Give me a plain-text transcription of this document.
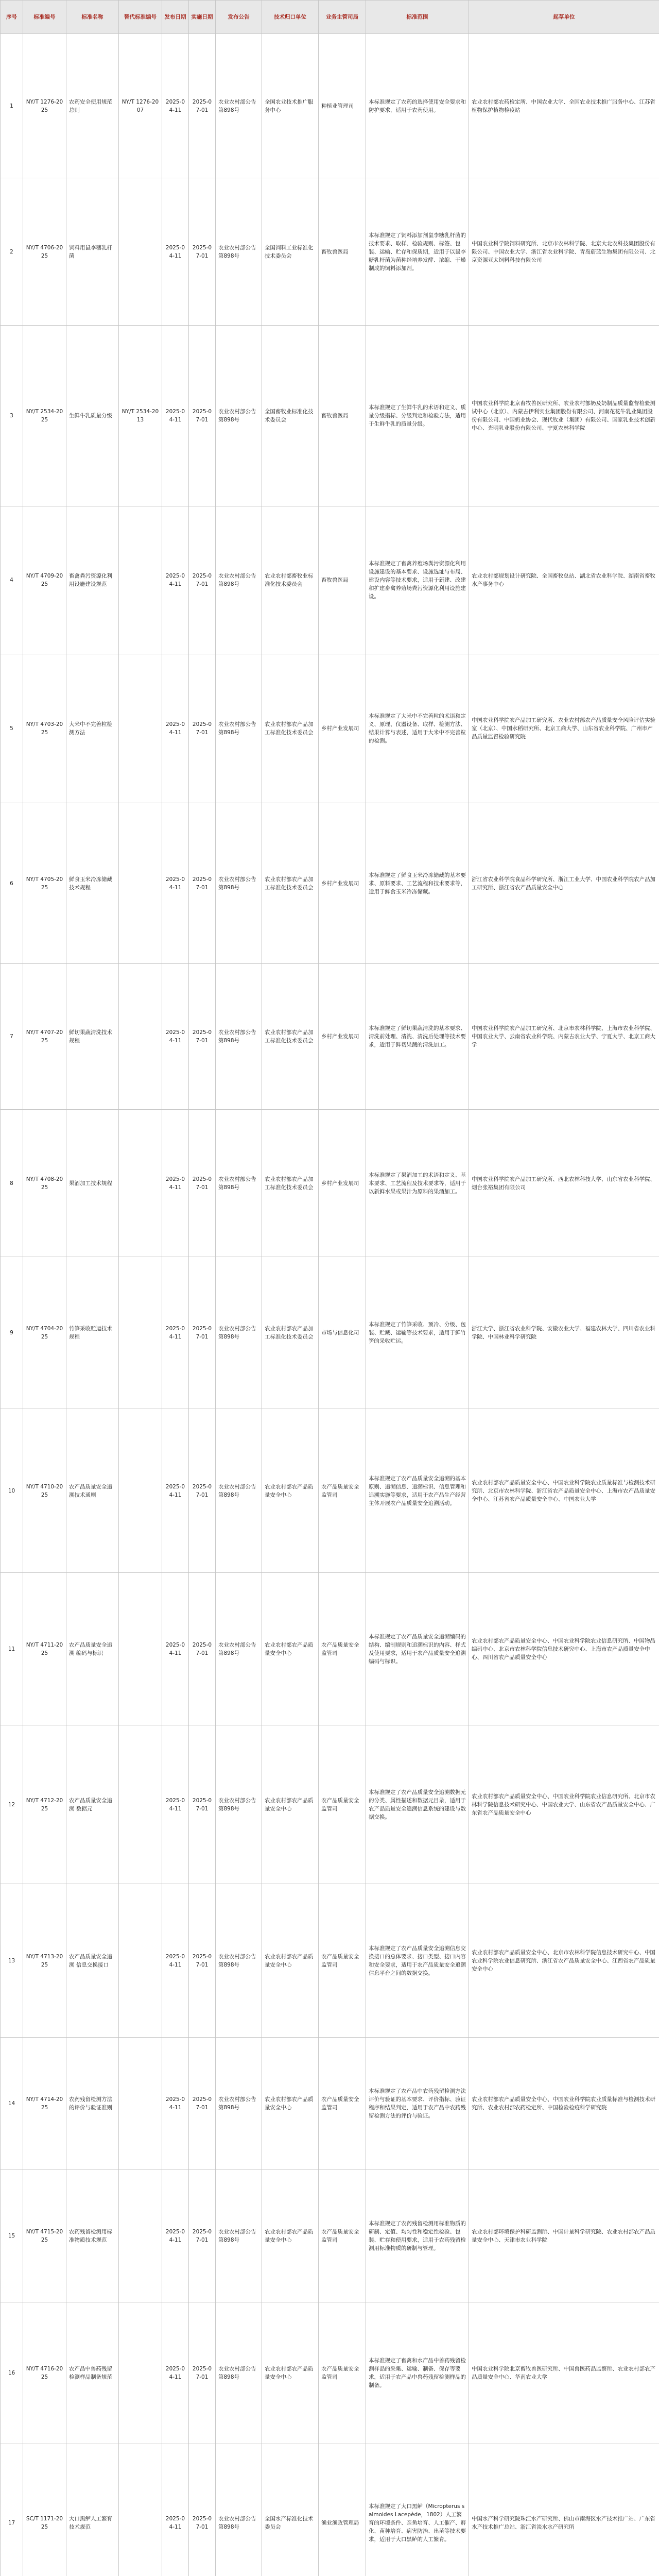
序号	标准编号	标准名称	替代标准编号	发布日期	实施日期	发布公告	技术归口单位	业务主管司局	标准范围	起草单位
1	NY/T 1276-2025	农药安全使用规范 总则	NY/T 1276-2007	2025-04-11	2025-07-01	农业农村部公告第898号	全国农业技术推广服务中心	种植业管理司	本标准规定了农药的选择使用安全要求和防护要求，适用于农药使用。	农业农村部农药检定所、中国农业大学、全国农业技术推广服务中心、江苏省植物保护植物检疫站
2	NY/T 4706-2025	饲料用鼠李糖乳杆菌		2025-04-11	2025-07-01	农业农村部公告第898号	全国饲料工业标准化技术委员会	畜牧兽医局	本标准规定了饲料添加剂鼠李糖乳杆菌的技术要求、取样、检验规则、标签、包装、运输、贮存和保质期，适用于以鼠李糖乳杆菌为菌种经培养发酵、浓缩、干燥制成的饲料添加剂。	中国农业科学院饲料研究所、北京市农林科学院、北京大北农科技集团股份有限公司、中国农业大学、浙江省农业科学院、青岛蔚蓝生物集团有限公司、北京资源亚太饲料科技有限公司
3	NY/T 2534-2025	生鲜牛乳质量分级	NY/T 2534-2013	2025-04-11	2025-07-01	农业农村部公告第898号	全国畜牧业标准化技术委员会	畜牧兽医局	本标准规定了生鲜牛乳的术语和定义、质量分级指标、分级判定和检验方法，适用于生鲜牛乳的质量分级。	中国农业科学院北京畜牧兽医研究所、农业农村部奶及奶制品质量监督检验测试中心（北京）、内蒙古伊利实业集团股份有限公司、河南花花牛乳业集团股份有限公司、中国奶业协会、现代牧业（集团）有限公司、国家乳业技术创新中心、光明乳业股份有限公司、宁夏农林科学院
4	NY/T 4709-2025	畜禽粪污资源化利用设施建设规范		2025-04-11	2025-07-01	农业农村部公告第898号	农业农村部畜牧业标准化技术委员会	畜牧兽医局	本标准规定了畜禽养殖场粪污资源化利用设施建设的基本要求、设施选址与布局、建设内容等技术要求，适用于新建、改建和扩建畜禽养殖场粪污资源化利用设施建设。	农业农村部规划设计研究院、全国畜牧总站、湖北省农业科学院、湖南省畜牧水产事务中心
5	NY/T 4703-2025	大米中不完善粒检测方法		2025-04-11	2025-07-01	农业农村部公告第898号	农业农村部农产品加工标准化技术委员会	乡村产业发展司	本标准规定了大米中不完善粒的术语和定义、原理、仪器设备、取样、检测方法、结果计算与表述，适用于大米中不完善粒的检测。	中国农业科学院农产品加工研究所、农业农村部农产品质量安全风险评估实验室（北京）、中国水稻研究所、北京工商大学、山东省农业科学院、广州市产品质量监督检验研究院
6	NY/T 4705-2025	鲜食玉米冷冻储藏技术规程		2025-04-11	2025-07-01	农业农村部公告第898号	农业农村部农产品加工标准化技术委员会	乡村产业发展司	本标准规定了鲜食玉米冷冻储藏的基本要求、原料要求、工艺流程和技术要求等，适用于鲜食玉米冷冻储藏。	浙江省农业科学院食品科学研究所、浙江工业大学、中国农业科学院农产品加工研究所、浙江省农产品质量安全中心
7	NY/T 4707-2025	鲜切果蔬清洗技术规程		2025-04-11	2025-07-01	农业农村部公告第898号	农业农村部农产品加工标准化技术委员会	乡村产业发展司	本标准规定了鲜切果蔬清洗的基本要求、清洗前处理、清洗、清洗后处理等技术要求，适用于鲜切果蔬的清洗加工。	中国农业科学院农产品加工研究所、北京市农林科学院、上海市农业科学院、中国农业大学、云南省农业科学院、内蒙古农业大学、宁夏大学、北京工商大学
8	NY/T 4708-2025	果酒加工技术规程		2025-04-11	2025-07-01	农业农村部公告第898号	农业农村部农产品加工标准化技术委员会	乡村产业发展司	本标准规定了果酒加工的术语和定义、基本要求、工艺流程及技术要求等，适用于以新鲜水果或果汁为原料的果酒加工。	中国农业科学院农产品加工研究所、西北农林科技大学、山东省农业科学院、烟台张裕集团有限公司
9	NY/T 4704-2025	竹笋采收贮运技术规程		2025-04-11	2025-07-01	农业农村部公告第898号	农业农村部农产品加工标准化技术委员会	市场与信息化司	本标准规定了竹笋采收、预冷、分级、包装、贮藏、运输等技术要求，适用于鲜竹笋的采收贮运。	浙江大学、浙江省农业科学院、安徽农业大学、福建农林大学、四川省农业科学院、中国林业科学研究院
10	NY/T 4710-2025	农产品质量安全追溯技术通则		2025-04-11	2025-07-01	农业农村部公告第898号	农业农村部农产品质量安全中心	农产品质量安全监管司	本标准规定了农产品质量安全追溯的基本原则、追溯信息、追溯标识、信息管理和追溯实施等要求，适用于农产品生产经营主体开展农产品质量安全追溯活动。	农业农村部农产品质量安全中心、中国农业科学院农业质量标准与检测技术研究所、北京市农林科学院、浙江省农产品质量安全中心、上海市农产品质量安全中心、江苏省农产品质量安全中心、中国农业大学
11	NY/T 4711-2025	农产品质量安全追溯 编码与标识		2025-04-11	2025-07-01	农业农村部公告第898号	农业农村部农产品质量安全中心	农产品质量安全监管司	本标准规定了农产品质量安全追溯编码的结构、编制规则和追溯标识的内容、样式及使用要求，适用于农产品质量安全追溯编码与标识。	农业农村部农产品质量安全中心、中国农业科学院农业信息研究所、中国物品编码中心、北京市农林科学院信息技术研究中心、上海市农产品质量安全中心、四川省农产品质量安全中心
12	NY/T 4712-2025	农产品质量安全追溯 数据元		2025-04-11	2025-07-01	农业农村部公告第898号	农业农村部农产品质量安全中心	农产品质量安全监管司	本标准规定了农产品质量安全追溯数据元的分类、属性描述和数据元目录，适用于农产品质量安全追溯信息系统的建设与数据交换。	农业农村部农产品质量安全中心、中国农业科学院农业信息研究所、北京市农林科学院信息技术研究中心、中国农业大学、山东省农产品质量安全中心、广东省农产品质量安全中心
13	NY/T 4713-2025	农产品质量安全追溯 信息交换接口		2025-04-11	2025-07-01	农业农村部公告第898号	农业农村部农产品质量安全中心	农产品质量安全监管司	本标准规定了农产品质量安全追溯信息交换接口的总体要求、接口类型、接口内容和安全要求，适用于农产品质量安全追溯信息平台之间的数据交换。	农业农村部农产品质量安全中心、北京市农林科学院信息技术研究中心、中国农业科学院农业信息研究所、浙江省农产品质量安全中心、江西省农产品质量安全中心
14	NY/T 4714-2025	农药残留检测方法的评价与验证准则		2025-04-11	2025-07-01	农业农村部公告第898号	农业农村部农产品质量安全中心	农产品质量安全监管司	本标准规定了农产品中农药残留检测方法评价与验证的基本要求、评价指标、验证程序和结果判定，适用于农产品中农药残留检测方法的评价与验证。	农业农村部农产品质量安全中心、中国农业科学院农业质量标准与检测技术研究所、农业农村部农药检定所、中国检验检疫科学研究院
15	NY/T 4715-2025	农药残留检测用标准物质技术规范		2025-04-11	2025-07-01	农业农村部公告第898号	农业农村部农产品质量安全中心	农产品质量安全监管司	本标准规定了农药残留检测用标准物质的研制、定值、均匀性和稳定性检验、包装、贮存和使用要求，适用于农药残留检测用标准物质的研制与管理。	农业农村部环境保护科研监测所、中国计量科学研究院、农业农村部农产品质量安全中心、天津市农业科学院
16	NY/T 4716-2025	农产品中兽药残留检测样品制备规范		2025-04-11	2025-07-01	农业农村部公告第898号	农业农村部农产品质量安全中心	农产品质量安全监管司	本标准规定了畜禽和水产品中兽药残留检测样品的采集、运输、制备、保存等要求，适用于农产品中兽药残留检测样品的制备。	中国农业科学院北京畜牧兽医研究所、中国兽医药品监察所、农业农村部农产品质量安全中心、华南农业大学
17	SC/T 1171-2025	大口黑鲈人工繁育技术规范		2025-04-11	2025-07-01	农业农村部公告第898号	全国水产标准化技术委员会	渔业渔政管理局	本标准规定了大口黑鲈（Micropterus salmoides Lacepède，1802）人工繁育的环境条件、亲鱼培育、人工催产、孵化、苗种培育、病害防治、出苗等技术要求，适用于大口黑鲈的人工繁育。	中国水产科学研究院珠江水产研究所、佛山市南海区水产技术推广站、广东省水产技术推广总站、浙江省淡水水产研究所
